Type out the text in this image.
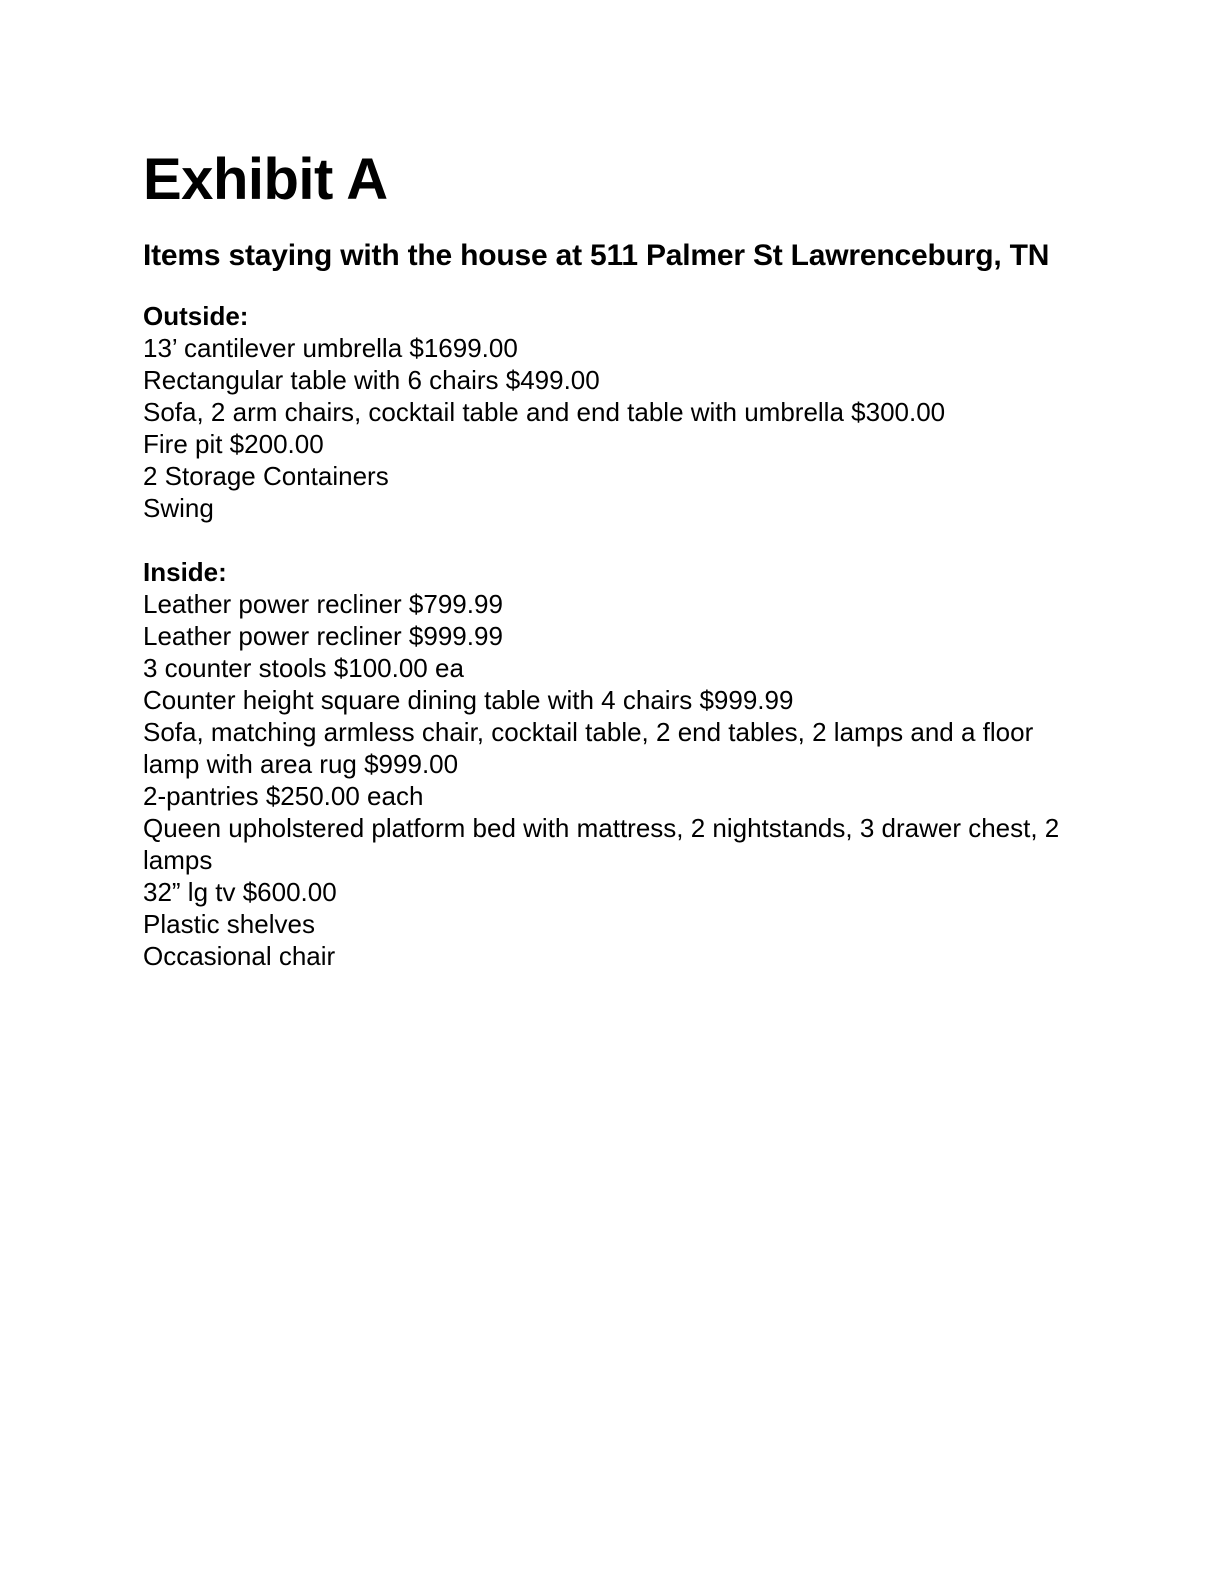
Exhibit A
Items staying with the house at 511 Palmer St Lawrenceburg, TN
Outside:
13’ cantilever umbrella $1699.00
Rectangular table with 6 chairs $499.00
Sofa, 2 arm chairs, cocktail table and end table with umbrella $300.00
Fire pit $200.00
2 Storage Containers
Swing
Inside:
Leather power recliner $799.99
Leather power recliner $999.99
3 counter stools $100.00 ea
Counter height square dining table with 4 chairs $999.99
Sofa, matching armless chair, cocktail table, 2 end tables, 2 lamps and a floor lamp with area rug $999.00
2-pantries $250.00 each
Queen upholstered platform bed with mattress, 2 nightstands, 3 drawer chest, 2 lamps
32” lg tv $600.00
Plastic shelves
Occasional chair
